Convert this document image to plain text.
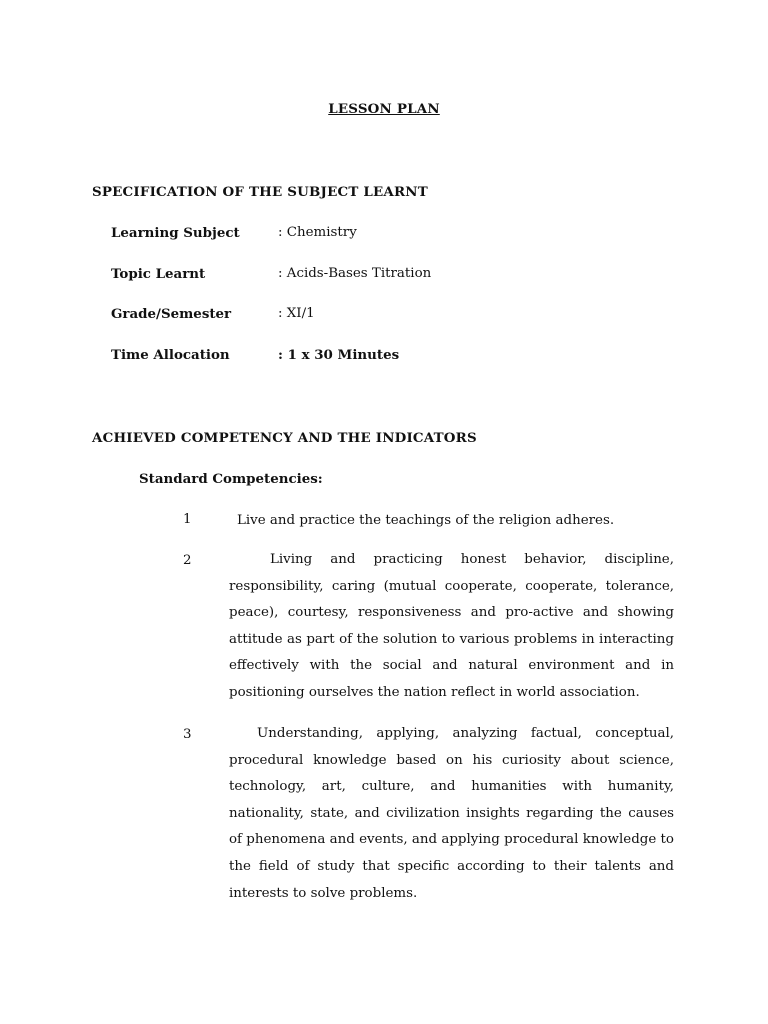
LESSON PLAN
SPECIFICATION OF THE SUBJECT LEARNT
Learning Subject	: Chemistry
Topic Learnt	: Acids-Bases Titration
Grade/Semester	: XI/1
Time Allocation	: 1 x 30 Minutes
ACHIEVED COMPETENCY AND THE INDICATORS
Standard Competencies:
1	Live and practice the teachings of the religion adheres.
2	Living and practicing honest behavior, discipline, responsibility, caring (mutual cooperate, cooperate, tolerance, peace), courtesy, responsiveness and pro-active and showing attitude as part of the solution to various problems in interacting effectively with the social and natural environment and in positioning ourselves the nation reflect in world association.
3	Understanding, applying, analyzing factual, conceptual, procedural knowledge based on his curiosity about science, technology, art, culture, and humanities with humanity, nationality, state, and civilization insights regarding the causes of phenomena and events, and applying procedural knowledge to the field of study that specific according to their talents and interests to solve problems.
